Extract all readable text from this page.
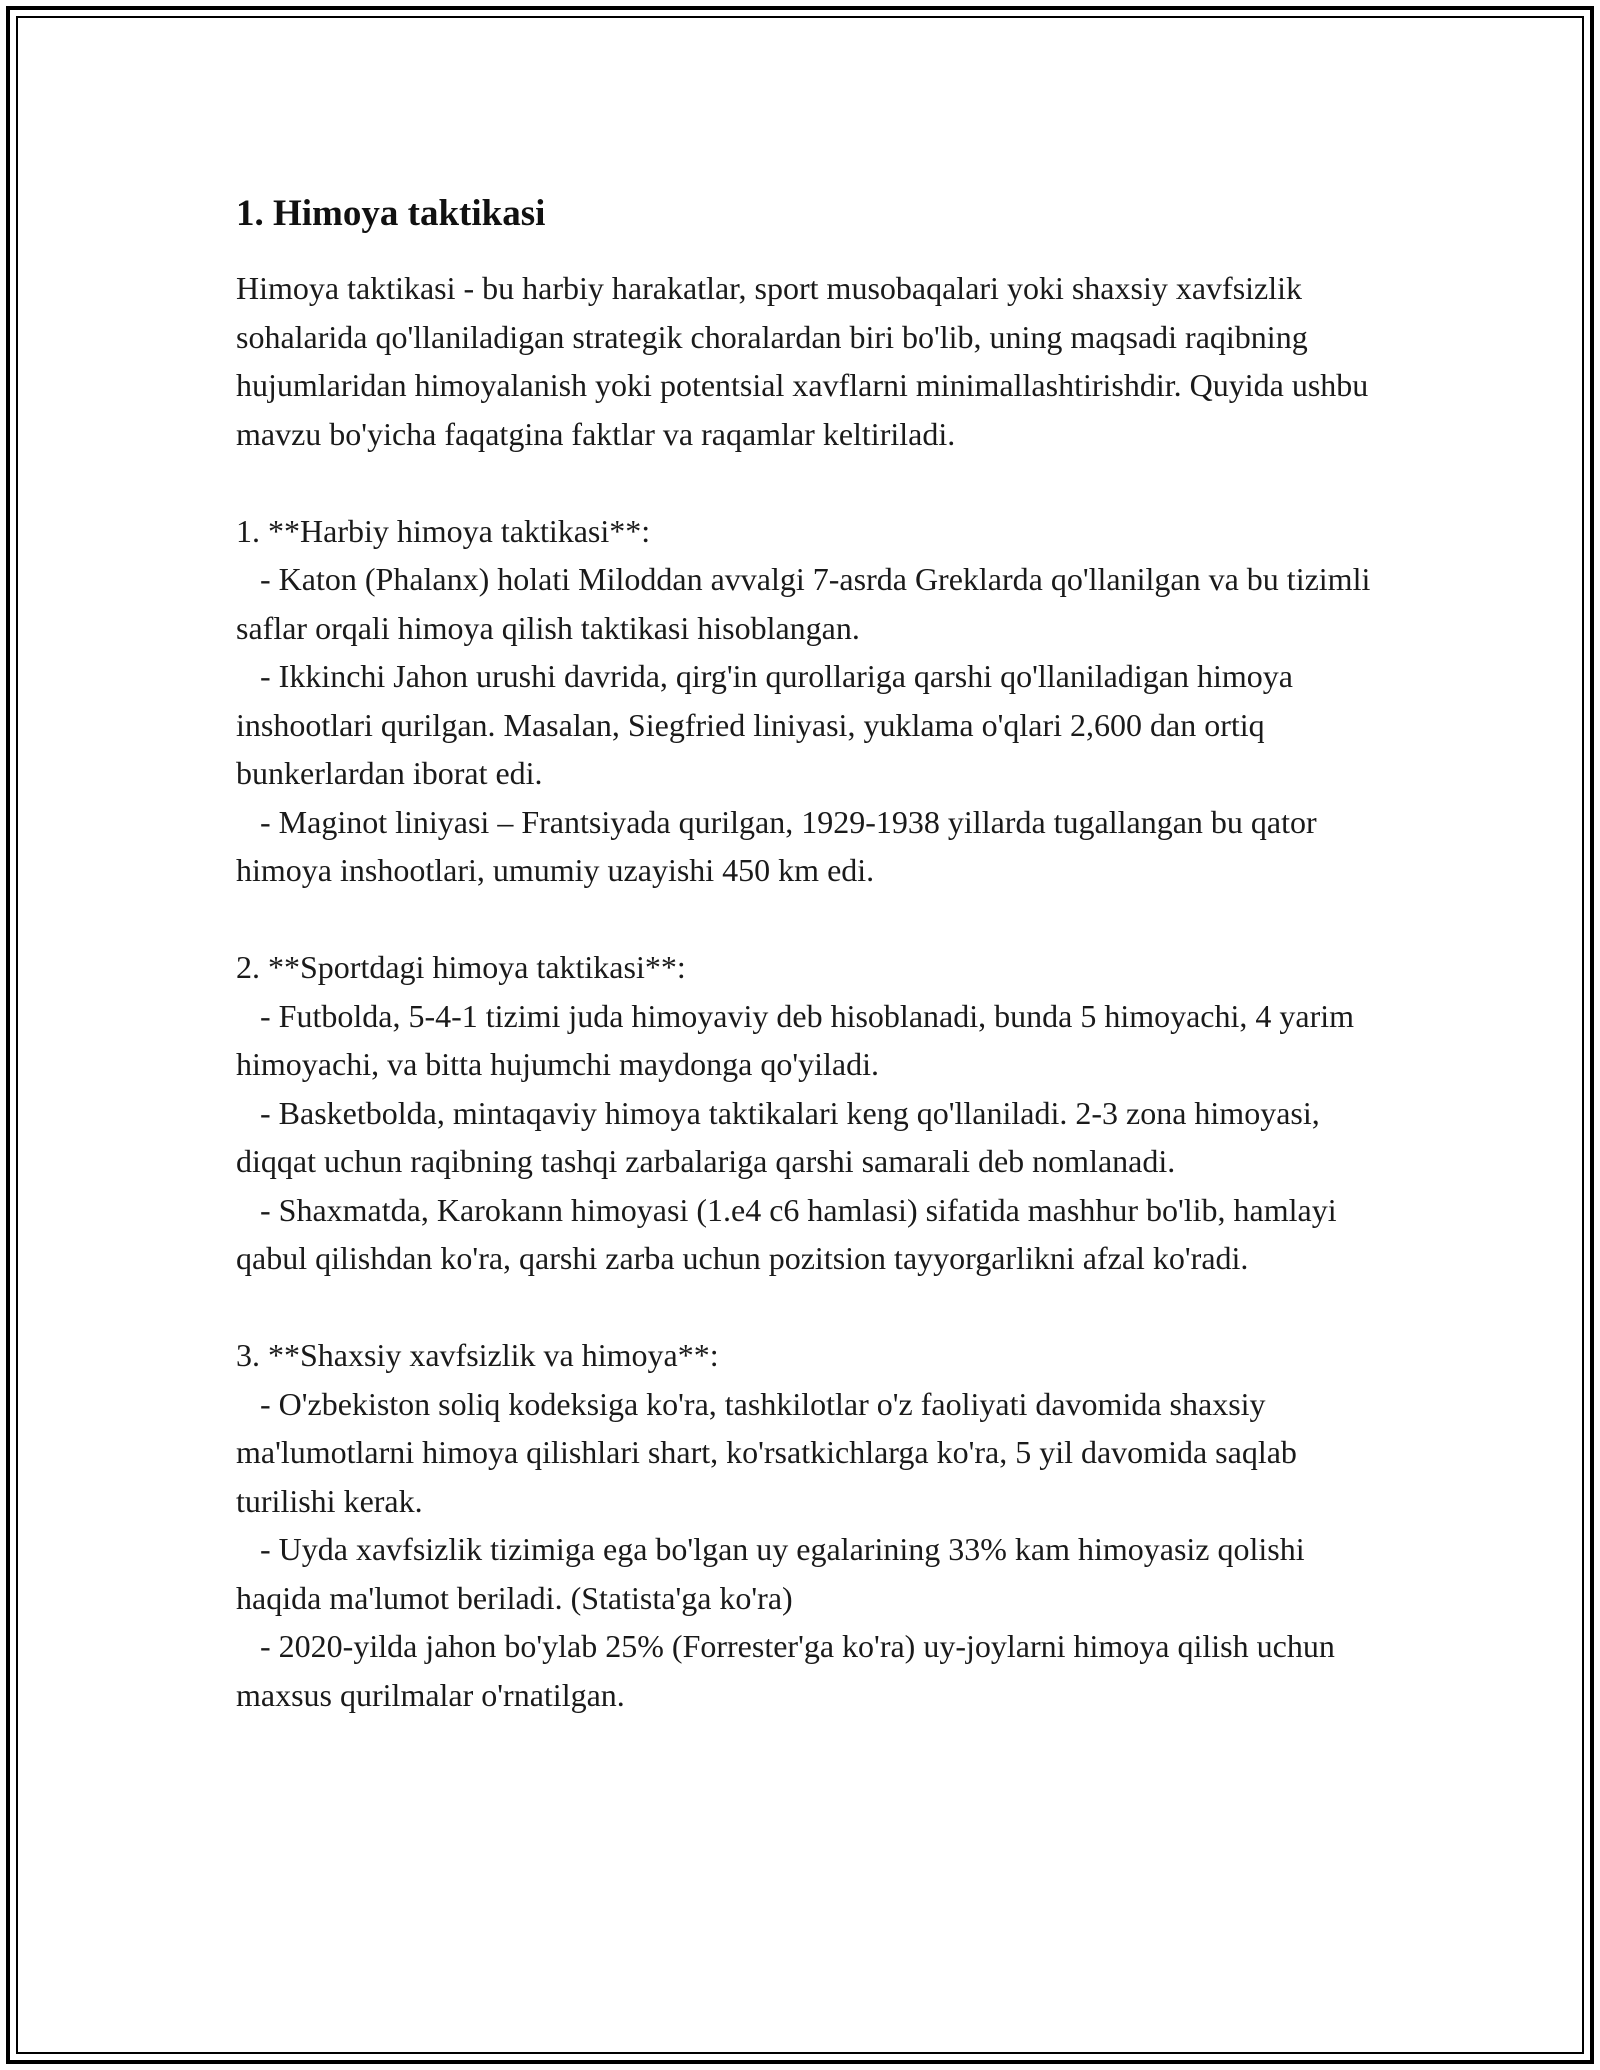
1. Himoya taktikasi

Himoya taktikasi - bu harbiy harakatlar, sport musobaqalari yoki shaxsiy xavfsizlik sohalarida qo'llaniladigan strategik choralardan biri bo'lib, uning maqsadi raqibning hujumlaridan himoyalanish yoki potentsial xavflarni minimallashtirishdir. Quyida ushbu mavzu bo'yicha faqatgina faktlar va raqamlar keltiriladi.

1. **Harbiy himoya taktikasi**:
- Katon (Phalanx) holati Miloddan avvalgi 7-asrda Greklarda qo'llanilgan va bu tizimli saflar orqali himoya qilish taktikasi hisoblangan.
- Ikkinchi Jahon urushi davrida, qirg'in qurollariga qarshi qo'llaniladigan himoya inshootlari qurilgan. Masalan, Siegfried liniyasi, yuklama o'qlari 2,600 dan ortiq bunkerlardan iborat edi.
- Maginot liniyasi – Frantsiyada qurilgan, 1929-1938 yillarda tugallangan bu qator himoya inshootlari, umumiy uzayishi 450 km edi.
2. **Sportdagi himoya taktikasi**:
- Futbolda, 5-4-1 tizimi juda himoyaviy deb hisoblanadi, bunda 5 himoyachi, 4 yarim himoyachi, va bitta hujumchi maydonga qo'yiladi.
- Basketbolda, mintaqaviy himoya taktikalari keng qo'llaniladi. 2-3 zona himoyasi, diqqat uchun raqibning tashqi zarbalariga qarshi samarali deb nomlanadi.
- Shaxmatda, Karokann himoyasi (1.e4 c6 hamlasi) sifatida mashhur bo'lib, hamlayi qabul qilishdan ko'ra, qarshi zarba uchun pozitsion tayyorgarlikni afzal ko'radi.
3. **Shaxsiy xavfsizlik va himoya**:
- O'zbekiston soliq kodeksiga ko'ra, tashkilotlar o'z faoliyati davomida shaxsiy ma'lumotlarni himoya qilishlari shart, ko'rsatkichlarga ko'ra, 5 yil davomida saqlab turilishi kerak.
- Uyda xavfsizlik tizimiga ega bo'lgan uy egalarining 33% kam himoyasiz qolishi haqida ma'lumot beriladi. (Statista'ga ko'ra)
- 2020-yilda jahon bo'ylab 25% (Forrester'ga ko'ra) uy-joylarni himoya qilish uchun maxsus qurilmalar o'rnatilgan.
